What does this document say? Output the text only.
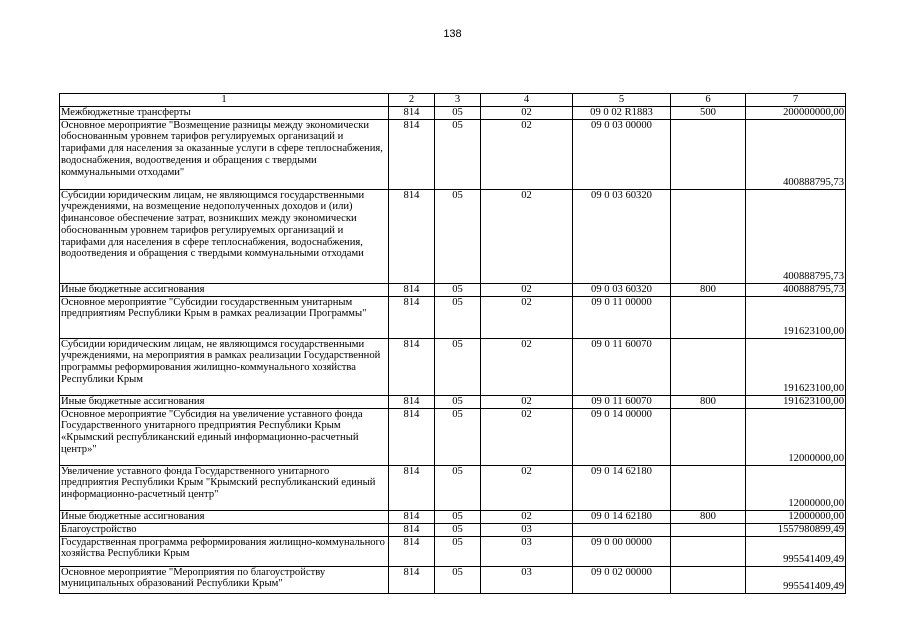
138
1	2	3	4	5	6	7
Межбюджетные трансферты	814	05	02	09 0 02 R1883	500	200000000,00
Основное мероприятие "Возмещение разницы между экономически обоснованным уровнем тарифов регулируемых организаций и тарифами для населения за оказанные услуги в сфере теплоснабжения, водоснабжения, водоотведения и обращения с твердыми коммунальными отходами"	814	05	02	09 0 03 00000		400888795,73
Субсидии юридическим лицам, не являющимся государственными учреждениями, на возмещение недополученных доходов и (или) финансовое обеспечение затрат, возникших между экономически обоснованным уровнем тарифов регулируемых организаций и тарифами для населения в сфере теплоснабжения, водоснабжения, водоотведения и обращения с твердыми коммунальными отходами	814	05	02	09 0 03 60320		400888795,73
Иные бюджетные ассигнования	814	05	02	09 0 03 60320	800	400888795,73
Основное мероприятие "Субсидии государственным унитарным предприятиям Республики Крым в рамках реализации Программы"	814	05	02	09 0 11 00000		191623100,00
Субсидии юридическим лицам, не являющимся государственными учреждениями, на мероприятия в рамках реализации Государственной программы реформирования жилищно-коммунального хозяйства Республики Крым	814	05	02	09 0 11 60070		191623100,00
Иные бюджетные ассигнования	814	05	02	09 0 11 60070	800	191623100,00
Основное мероприятие "Субсидия на увеличение уставного фонда Государственного унитарного предприятия Республики Крым «Крымский республиканский единый информационно-расчетный центр»"	814	05	02	09 0 14 00000		12000000,00
Увеличение уставного фонда Государственного унитарного предприятия Республики Крым "Крымский республиканский единый информационно-расчетный центр"	814	05	02	09 0 14 62180		12000000,00
Иные бюджетные ассигнования	814	05	02	09 0 14 62180	800	12000000,00
Благоустройство	814	05	03			1557980899,49
Государственная программа реформирования жилищно-коммунального хозяйства Республики Крым	814	05	03	09 0 00 00000		995541409,49
Основное мероприятие "Мероприятия по благоустройству муниципальных образований Республики Крым"	814	05	03	09 0 02 00000		995541409,49
